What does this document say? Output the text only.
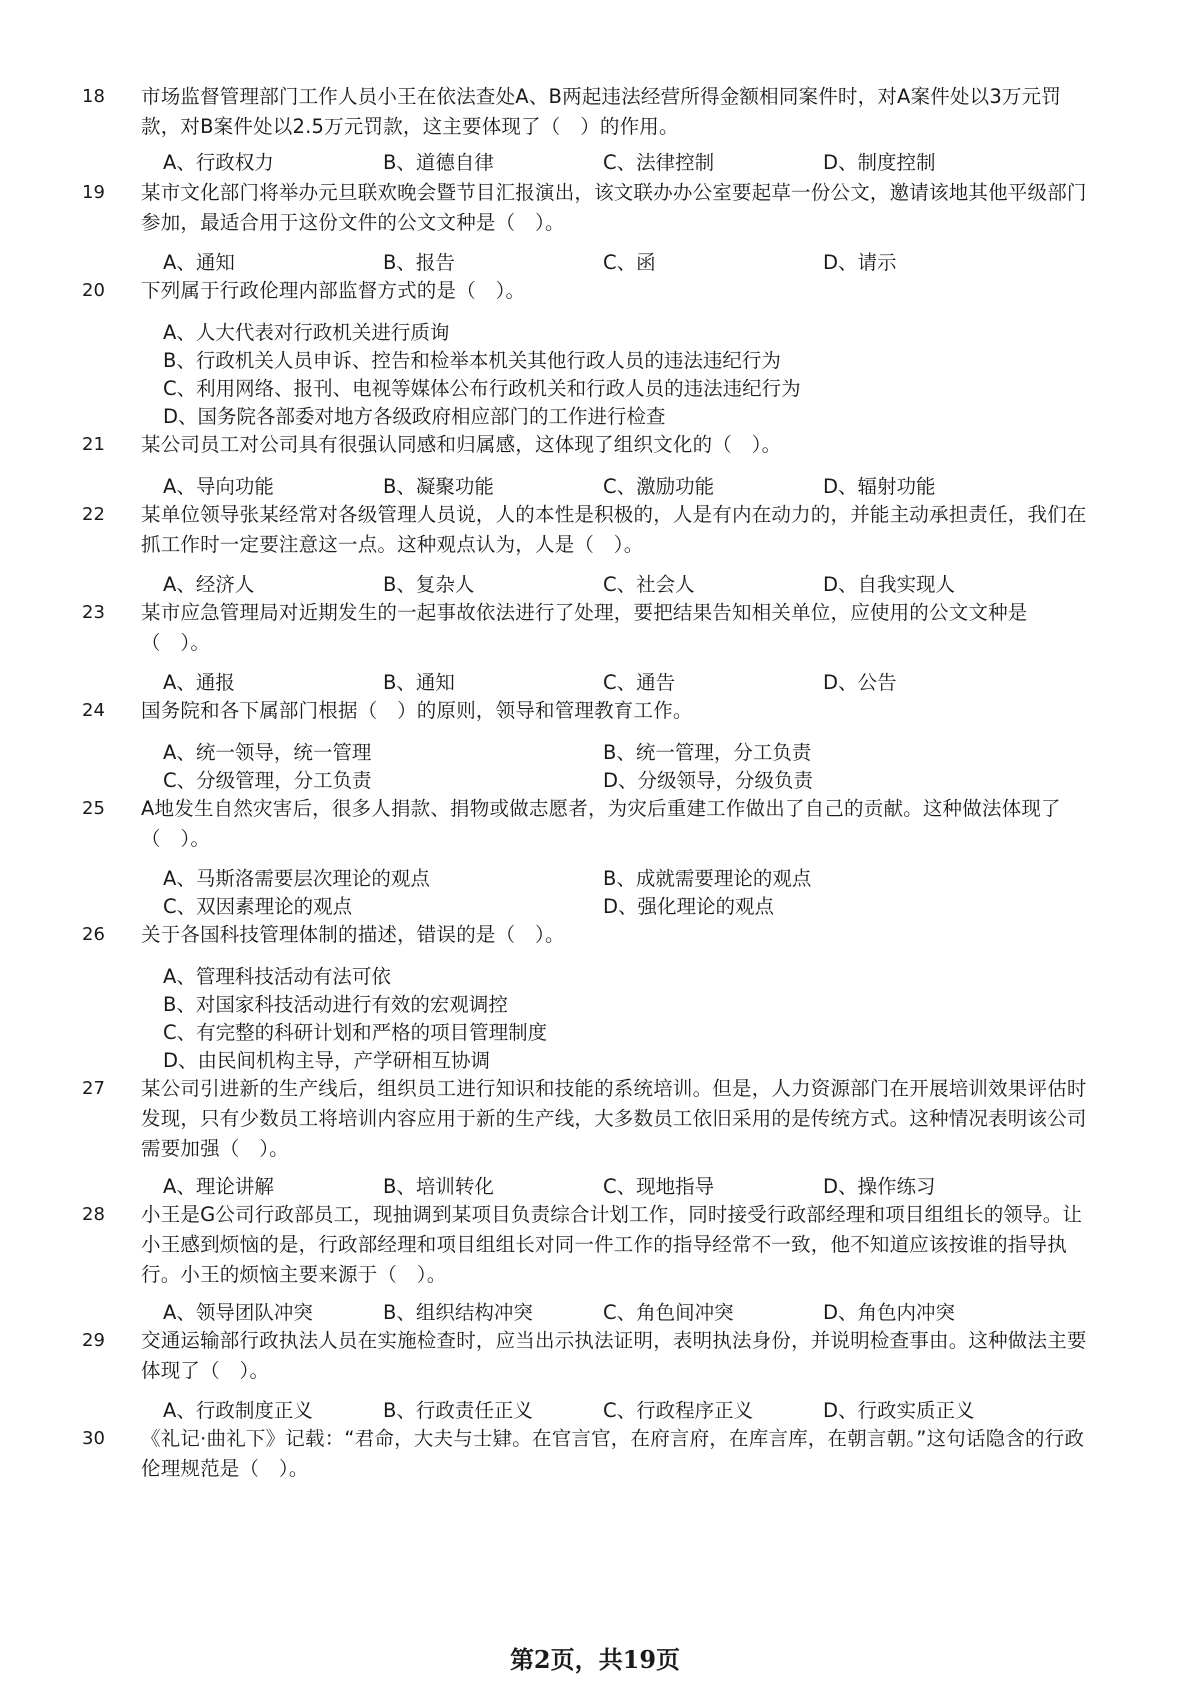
18 市场监督管理部门工作人员小王在依法查处A、B两起违法经营所得金额相同案件时，对A案件处以3万元罚款，对B案件处以2.5万元罚款，这主要体现了（　）的作用。
A、行政权力	B、道德自律	C、法律控制	D、制度控制
19 某市文化部门将举办元旦联欢晚会暨节目汇报演出，该文联办办公室要起草一份公文，邀请该地其他平级部门参加，最适合用于这份文件的公文文种是（　）。
A、通知	B、报告	C、函	D、请示
20 下列属于行政伦理内部监督方式的是（　）。
A、人大代表对行政机关进行质询
B、行政机关人员申诉、控告和检举本机关其他行政人员的违法违纪行为
C、利用网络、报刊、电视等媒体公布行政机关和行政人员的违法违纪行为
D、国务院各部委对地方各级政府相应部门的工作进行检查
21 某公司员工对公司具有很强认同感和归属感，这体现了组织文化的（　）。
A、导向功能	B、凝聚功能	C、激励功能	D、辐射功能
22 某单位领导张某经常对各级管理人员说，人的本性是积极的，人是有内在动力的，并能主动承担责任，我们在抓工作时一定要注意这一点。这种观点认为，人是（　）。
A、经济人	B、复杂人	C、社会人	D、自我实现人
23 某市应急管理局对近期发生的一起事故依法进行了处理，要把结果告知相关单位，应使用的公文文种是（　）。
A、通报	B、通知	C、通告	D、公告
24 国务院和各下属部门根据（　）的原则，领导和管理教育工作。
A、统一领导，统一管理	B、统一管理，分工负责
C、分级管理，分工负责	D、分级领导，分级负责
25 A地发生自然灾害后，很多人捐款、捐物或做志愿者，为灾后重建工作做出了自己的贡献。这种做法体现了（　）。
A、马斯洛需要层次理论的观点	B、成就需要理论的观点
C、双因素理论的观点	D、强化理论的观点
26 关于各国科技管理体制的描述，错误的是（　）。
A、管理科技活动有法可依
B、对国家科技活动进行有效的宏观调控
C、有完整的科研计划和严格的项目管理制度
D、由民间机构主导，产学研相互协调
27 某公司引进新的生产线后，组织员工进行知识和技能的系统培训。但是，人力资源部门在开展培训效果评估时发现，只有少数员工将培训内容应用于新的生产线，大多数员工依旧采用的是传统方式。这种情况表明该公司需要加强（　）。
A、理论讲解	B、培训转化	C、现地指导	D、操作练习
28 小王是G公司行政部员工，现抽调到某项目负责综合计划工作，同时接受行政部经理和项目组组长的领导。让小王感到烦恼的是，行政部经理和项目组组长对同一件工作的指导经常不一致，他不知道应该按谁的指导执行。小王的烦恼主要来源于（　）。
A、领导团队冲突	B、组织结构冲突	C、角色间冲突	D、角色内冲突
29 交通运输部行政执法人员在实施检查时，应当出示执法证明，表明执法身份，并说明检查事由。这种做法主要体现了（　）。
A、行政制度正义	B、行政责任正义	C、行政程序正义	D、行政实质正义
30 《礼记·曲礼下》记载：“君命，大夫与士肄。在官言官，在府言府，在库言库，在朝言朝。”这句话隐含的行政伦理规范是（　）。
第2页，共19页
